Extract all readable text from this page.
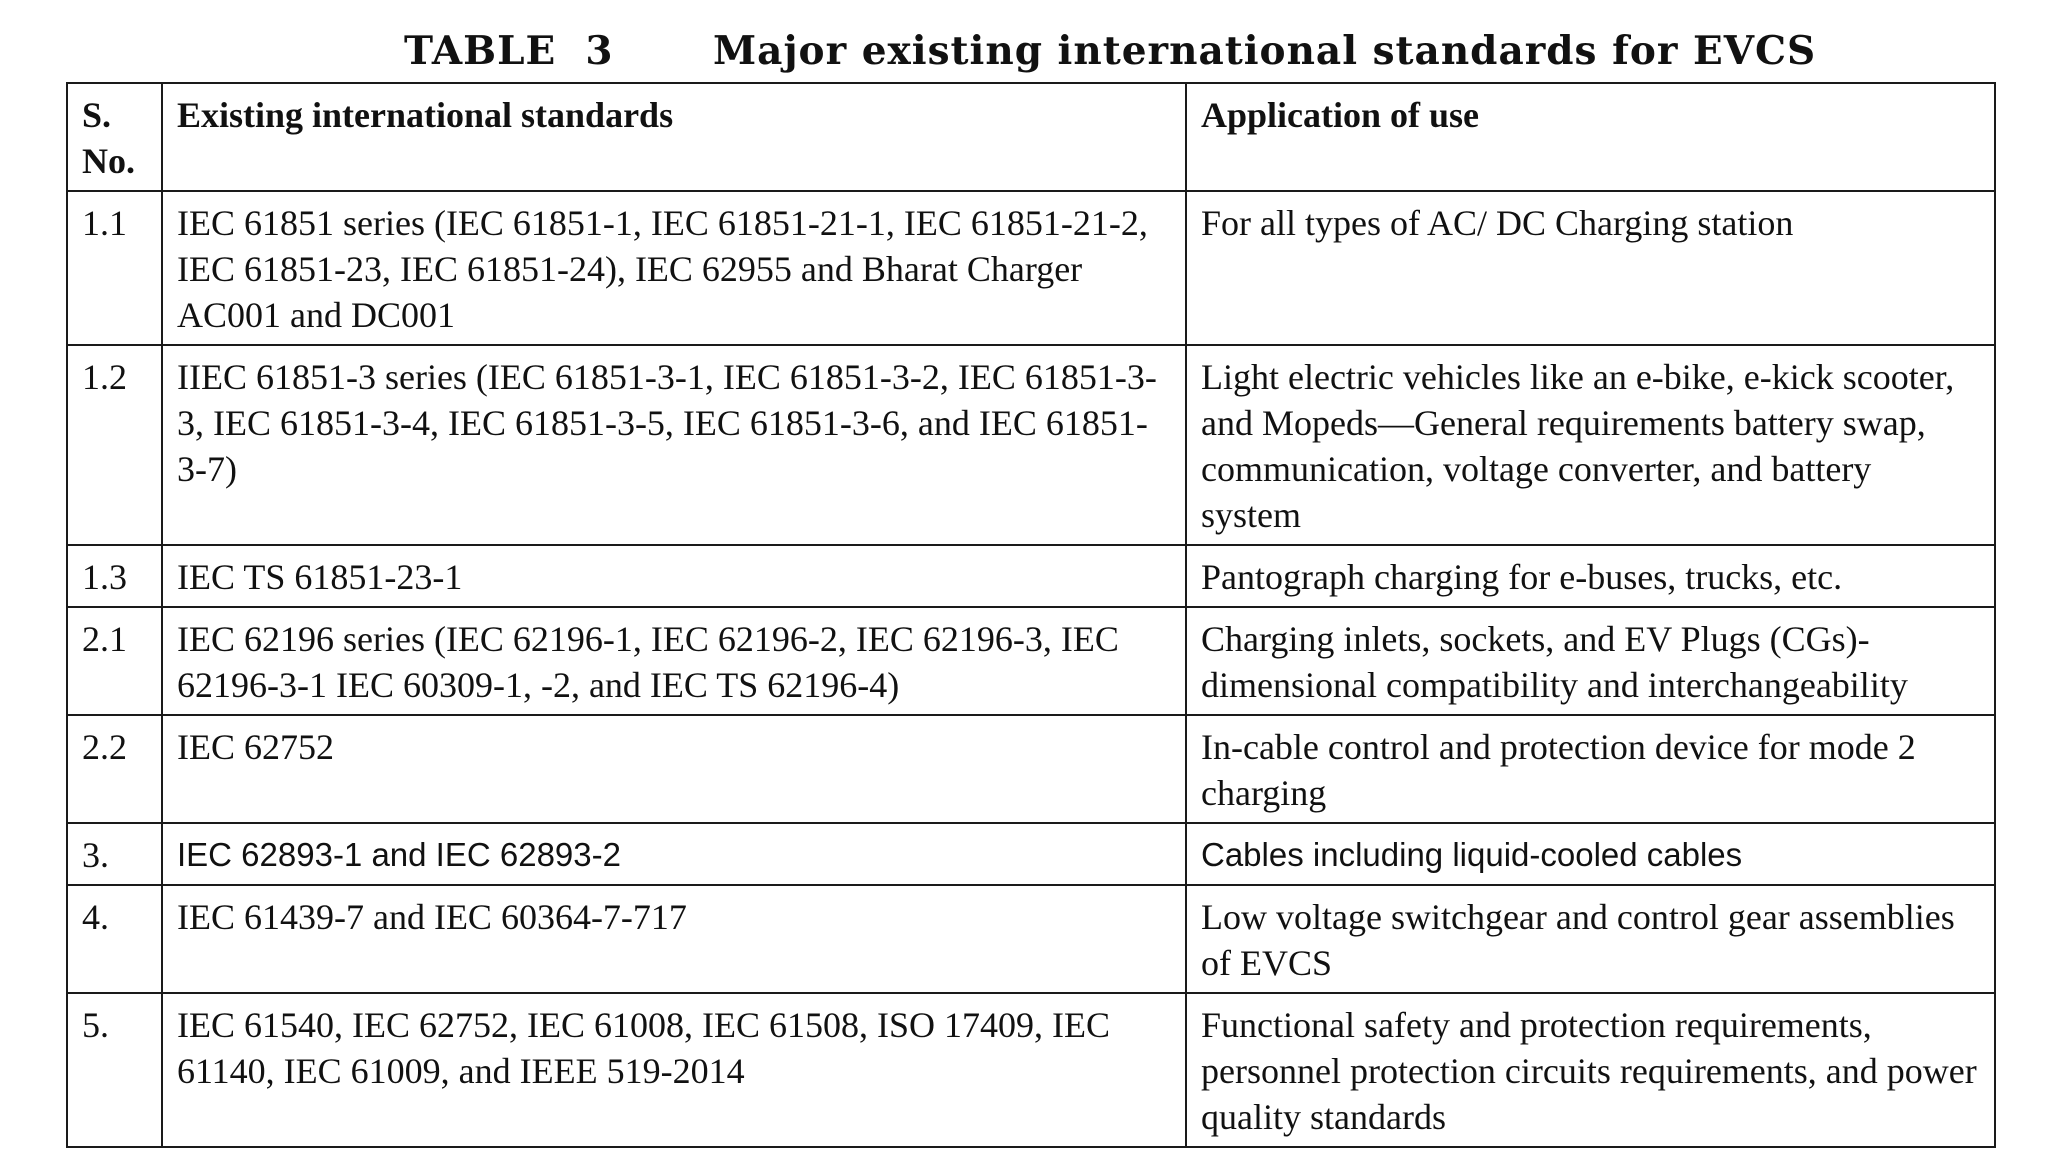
TABLE  3	Major existing international standards for EVCS
S. No.	Existing international standards	Application of use
1.1	IEC 61851 series (IEC 61851-1, IEC 61851-21-1, IEC 61851-21-2, IEC 61851-23, IEC 61851-24), IEC 62955 and Bharat Charger AC001 and DC001	For all types of AC/ DC Charging station
1.2	IIEC 61851-3 series (IEC 61851-3-1, IEC 61851-3-2, IEC 61851-3-3, IEC 61851-3-4, IEC 61851-3-5, IEC 61851-3-6, and IEC 61851-3-7)	Light electric vehicles like an e-bike, e-kick scooter, and Mopeds—General requirements battery swap, communication, voltage converter, and battery system
1.3	IEC TS 61851-23-1	Pantograph charging for e-buses, trucks, etc.
2.1	IEC 62196 series (IEC 62196-1, IEC 62196-2, IEC 62196-3, IEC 62196-3-1 IEC 60309-1, -2, and IEC TS 62196-4)	Charging inlets, sockets, and EV Plugs (CGs)-dimensional compatibility and interchangeability
2.2	IEC 62752	In-cable control and protection device for mode 2 charging
3.	IEC 62893-1 and IEC 62893-2	Cables including liquid-cooled cables
4.	IEC 61439-7 and IEC 60364-7-717	Low voltage switchgear and control gear assemblies of EVCS
5.	IEC 61540, IEC 62752, IEC 61008, IEC 61508, ISO 17409, IEC 61140, IEC 61009, and IEEE 519-2014	Functional safety and protection requirements, personnel protection circuits requirements, and power quality standards
